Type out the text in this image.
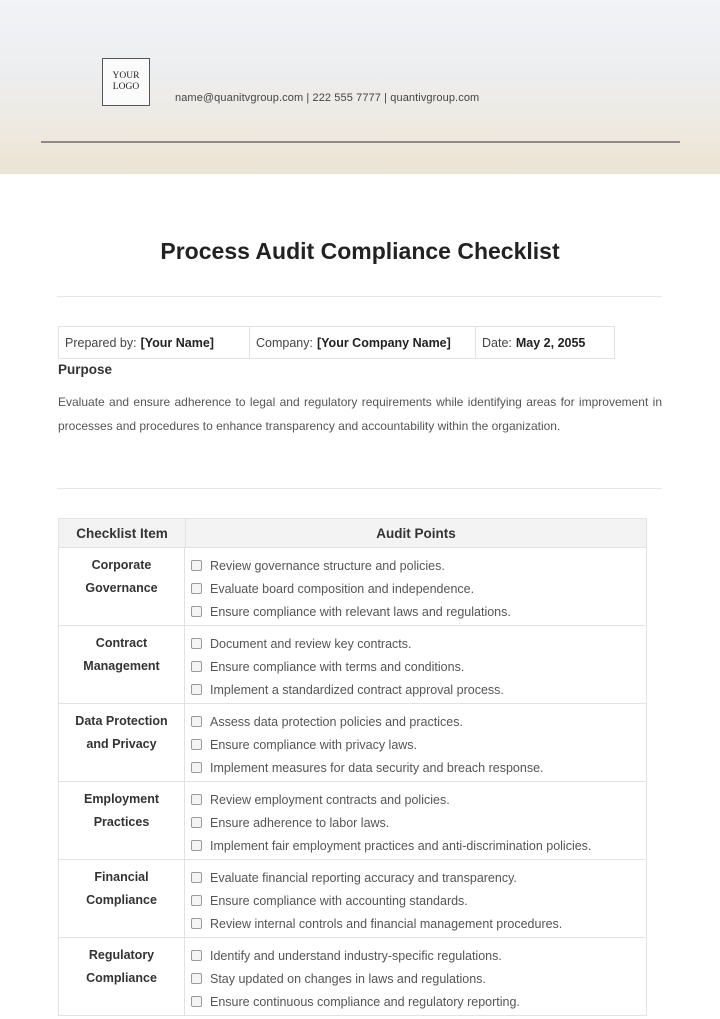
YOUR
LOGO
name@quanitvgroup.com | 222 555 7777 | quantivgroup.com
Process Audit Compliance Checklist
Prepared by: [Your Name]	Company: [Your Company Name] Date: May 2, 2055
Purpose
Evaluate and ensure adherence to legal and regulatory requirements while identifying areas for improvement in processes and procedures to enhance transparency and accountability within the organization.
Checklist Item	Audit Points
Corporate Governance
Review governance structure and policies.
Evaluate board composition and independence.
Ensure compliance with relevant laws and regulations.
Contract Management
Document and review key contracts.
Ensure compliance with terms and conditions.
Implement a standardized contract approval process.
Data Protection and Privacy
Assess data protection policies and practices.
Ensure compliance with privacy laws.
Implement measures for data security and breach response.
Employment Practices
Review employment contracts and policies.
Ensure adherence to labor laws.
Implement fair employment practices and anti-discrimination policies.
Financial Compliance
Evaluate financial reporting accuracy and transparency.
Ensure compliance with accounting standards.
Review internal controls and financial management procedures.
Regulatory Compliance
Identify and understand industry-specific regulations.
Stay updated on changes in laws and regulations.
Ensure continuous compliance and regulatory reporting.
